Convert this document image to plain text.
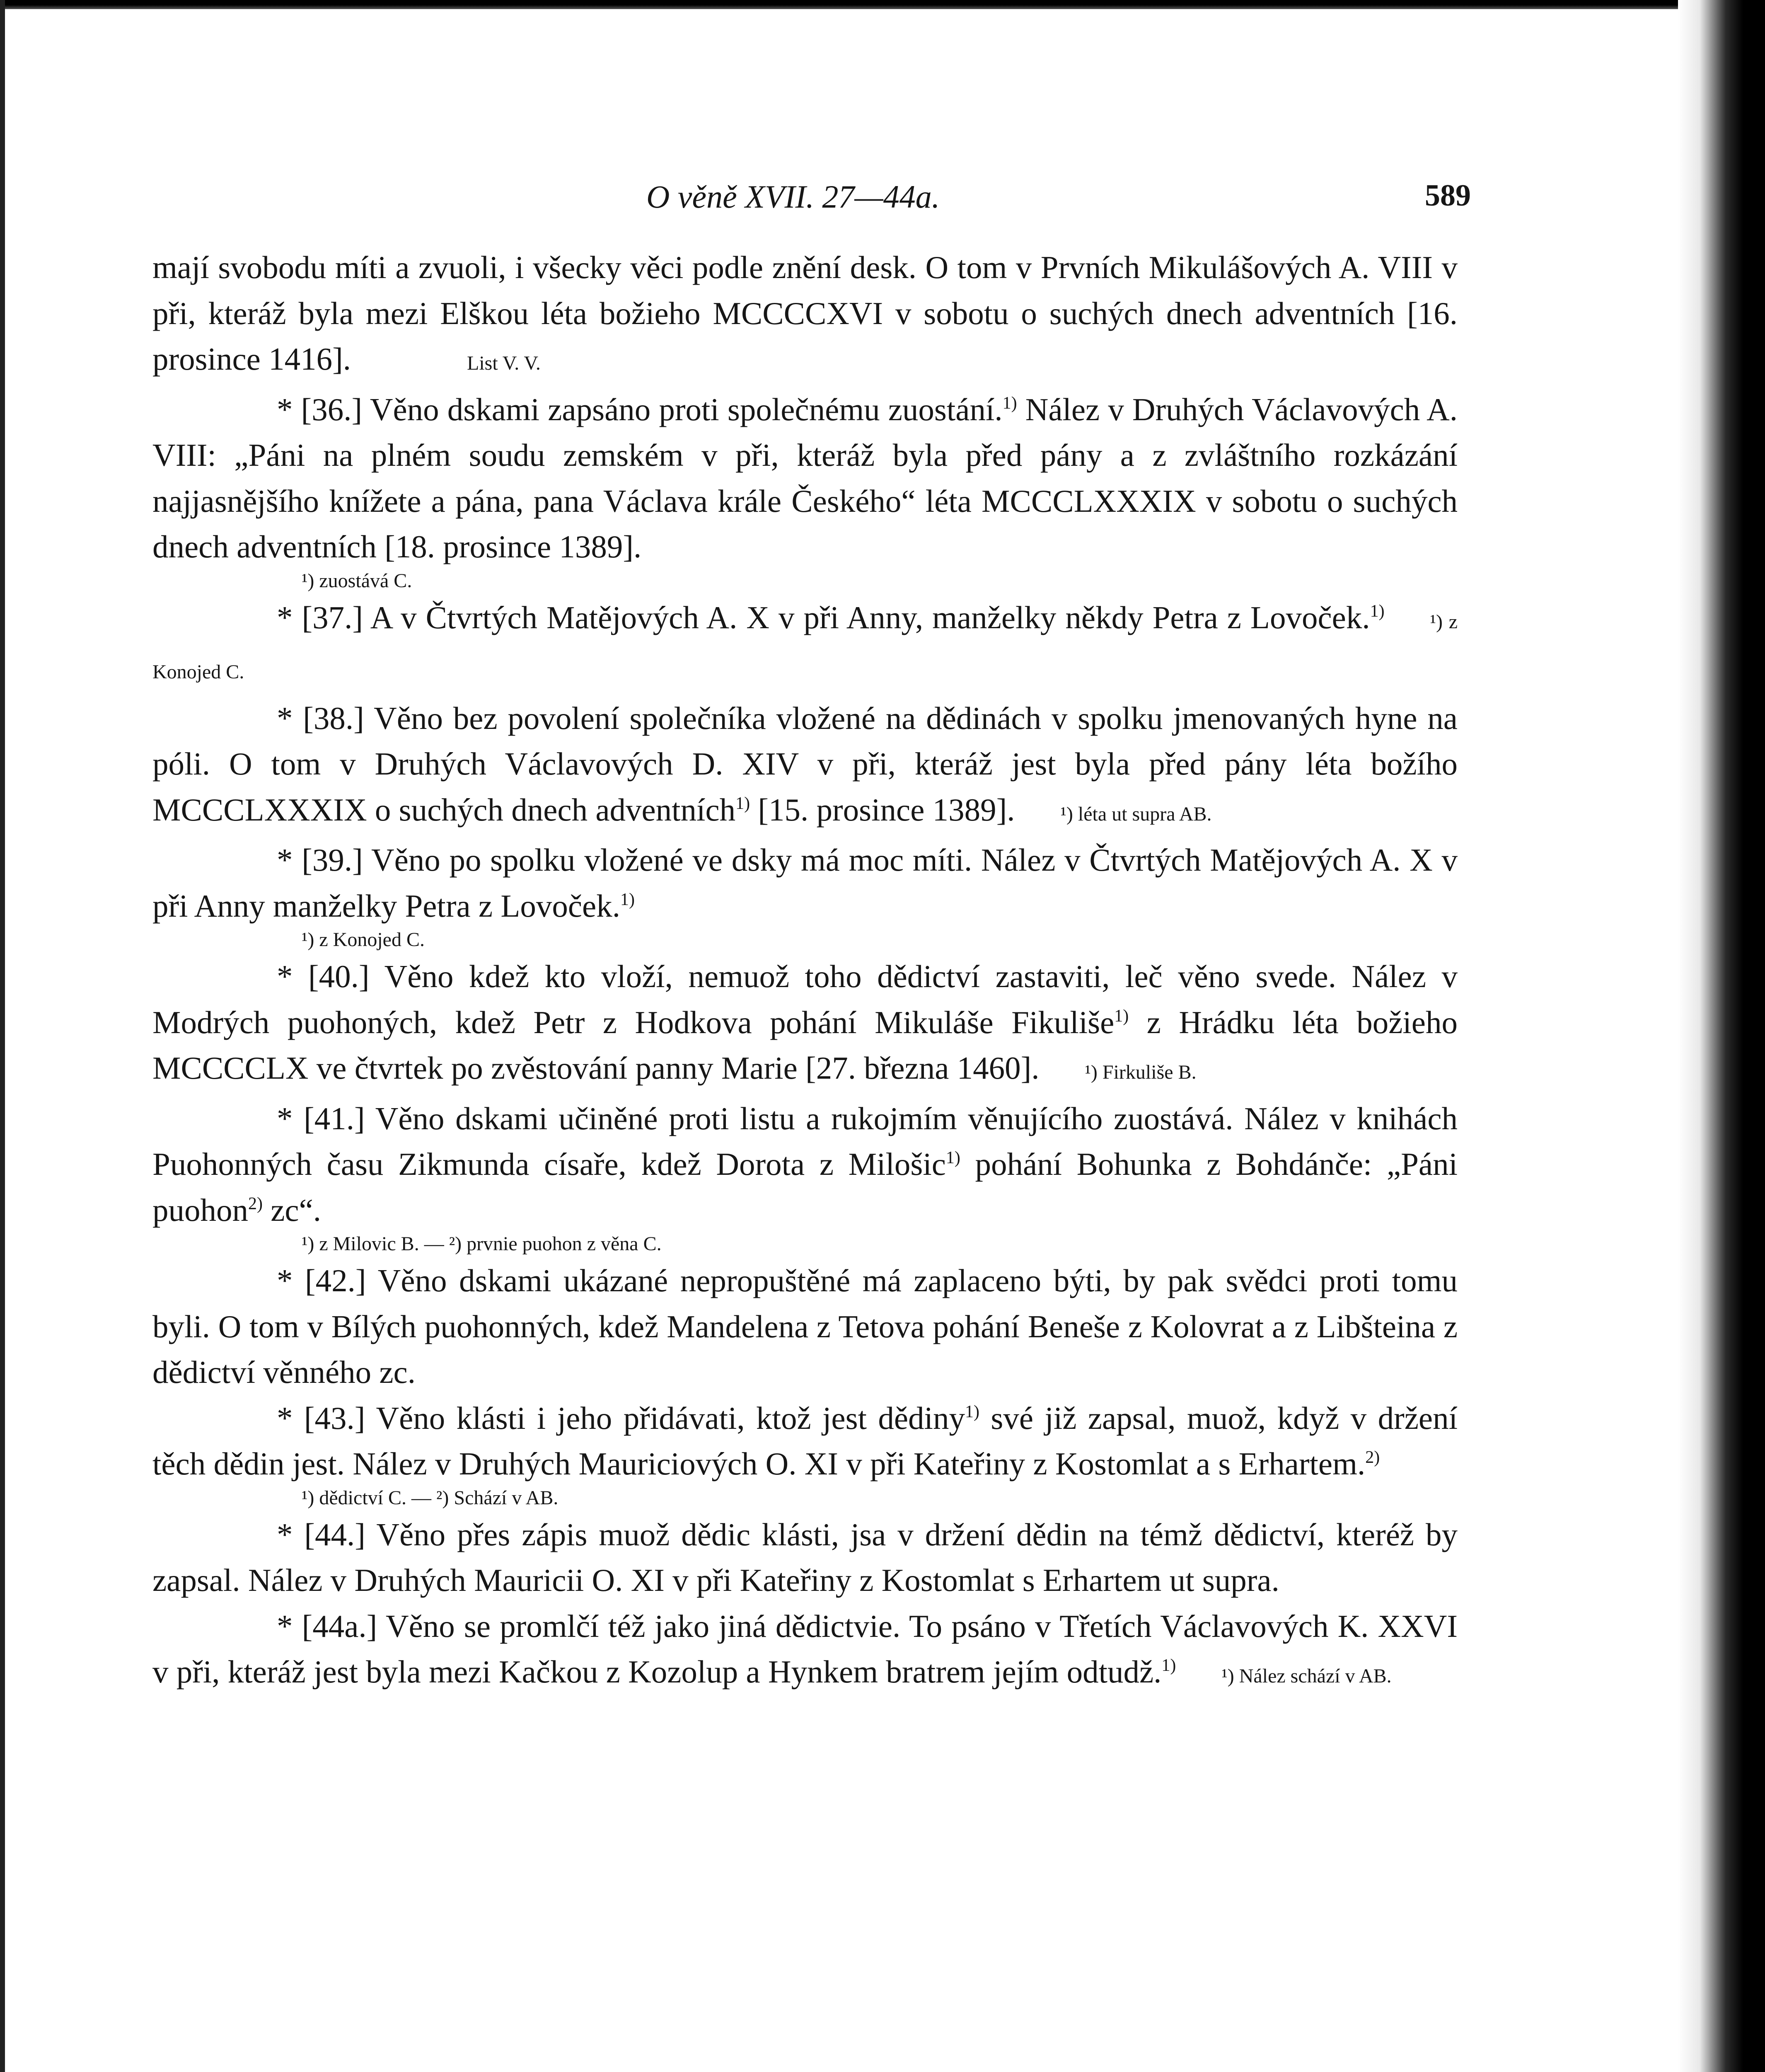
O věně XVII. 27—44a.	589

mají svobodu míti a zvuoli, i všecky věci podle znění desk. O tom v Prvních Mikulášových A. VIII v při, kteráž byla mezi Elškou léta božieho MCCCCXVI v sobotu o suchých dnech adventních [16. prosince 1416].	List V. V.

* [36.] Věno dskami zapsáno proti společnému zuostání.$^{1)}$ Nález v Druhých Václavových A. VIII: „Páni na plném soudu zemském v při, kteráž byla před pány a z zvláštního rozkázání najjasnějšího knížete a pána, pana Václava krále Českého“ léta MCCCLXXXIX v sobotu o suchých dnech adventních [18. prosince 1389].

¹) zuostává C.

* [37.] A v Čtvrtých Matějových A. X v při Anny, manželky někdy Petra z Lovoček.$^{1)}$ ¹) z Konojed C.

* [38.] Věno bez povolení společníka vložené na dědinách v spolku jmenovaných hyne na póli. O tom v Druhých Václavových D. XIV v při, kteráž jest byla před pány léta božího MCCCLXXXIX o suchých dnech adventních$^{1)}$ [15. prosince 1389]. ¹) léta ut supra AB.

* [39.] Věno po spolku vložené ve dsky má moc míti. Nález v Čtvrtých Matějových A. X v při Anny manželky Petra z Lovoček.$^{1)}$

¹) z Konojed C.

* [40.] Věno kdež kto vloží, nemuož toho dědictví zastaviti, leč věno svede. Nález v Modrých puohoných, kdež Petr z Hodkova pohání Mikuláše Fikuliše$^{1)}$ z Hrádku léta božieho MCCCCLX ve čtvrtek po zvěstování panny Marie [27. března 1460]. ¹) Firkuliše B.

* [41.] Věno dskami učiněné proti listu a rukojmím věnujícího zuostává. Nález v knihách Puohonných času Zikmunda císaře, kdež Dorota z Milošic$^{1)}$ pohání Bohunka z Bohdánče: „Páni puohon$^{2)}$ zc“.

¹) z Milovic B. — ²) prvnie puohon z věna C.

* [42.] Věno dskami ukázané nepropuštěné má zaplaceno býti, by pak svědci proti tomu byli. O tom v Bílých puohonných, kdež Mandelena z Tetova pohání Beneše z Kolovrat a z Libšteina z dědictví věnného zc.

* [43.] Věno klásti i jeho přidávati, ktož jest dědiny$^{1)}$ své již zapsal, muož, když v držení těch dědin jest. Nález v Druhých Mauriciových O. XI v při Kateřiny z Kostomlat a s Erhartem.$^{2)}$

¹) dědictví C. — ²) Schází v AB.

* [44.] Věno přes zápis muož dědic klásti, jsa v držení dědin na témž dědictví, kteréž by zapsal. Nález v Druhých Mauricii O. XI v při Kateřiny z Kostomlat s Erhartem ut supra.

* [44a.] Věno se promlčí též jako jiná dědictvie. To psáno v Třetích Václavových K. XXVI v při, kteráž jest byla mezi Kačkou z Kozolup a Hynkem bratrem jejím odtudž.$^{1)}$ ¹) Nález schází v AB.
